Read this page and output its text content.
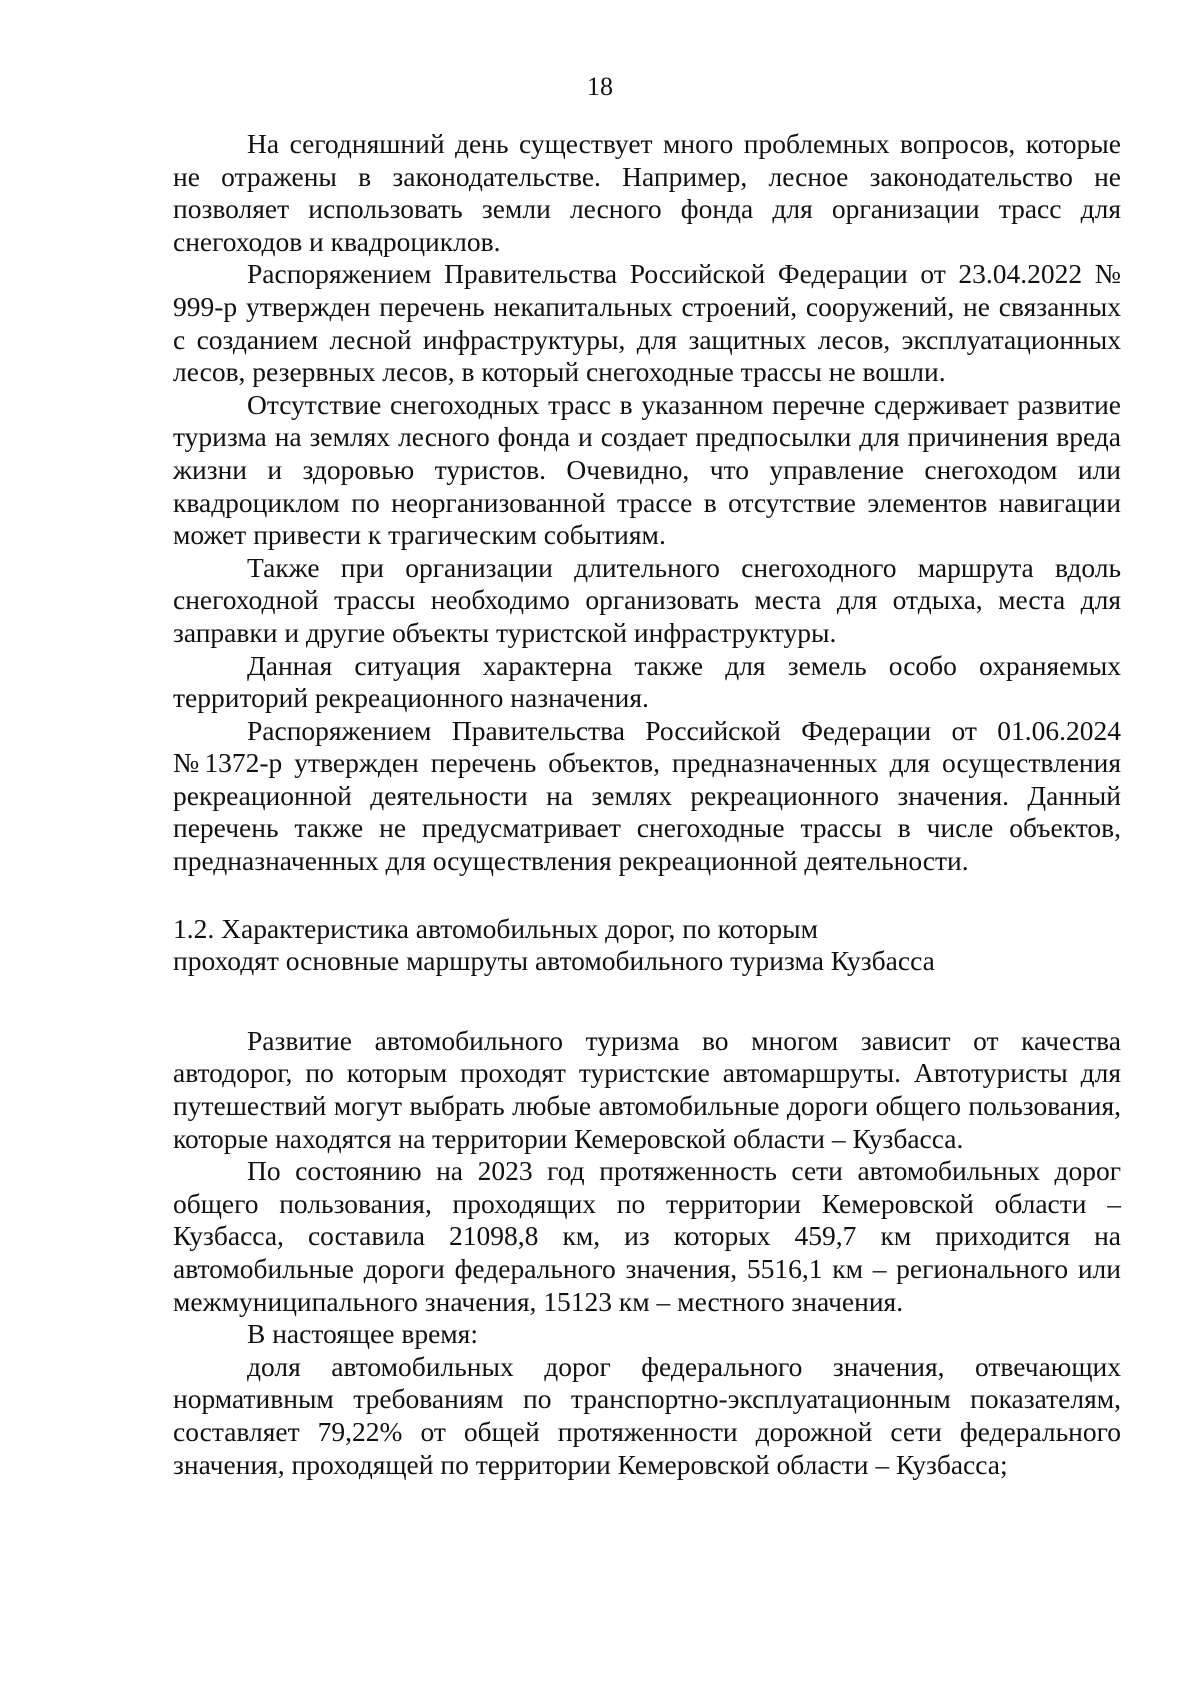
18

На сегодняшний день существует много проблемных вопросов, которые не отражены в законодательстве. Например, лесное законодательство не позволяет использовать земли лесного фонда для организации трасс для снегоходов и квадроциклов.

Распоряжением Правительства Российской Федерации от 23.04.2022 № 999-р утвержден перечень некапитальных строений, сооружений, не связанных с созданием лесной инфраструктуры, для защитных лесов, эксплуатационных лесов, резервных лесов, в который снегоходные трассы не вошли.

Отсутствие снегоходных трасс в указанном перечне сдерживает развитие туризма на землях лесного фонда и создает предпосылки для причинения вреда жизни и здоровью туристов. Очевидно, что управление снегоходом или квадроциклом по неорганизованной трассе в отсутствие элементов навигации может привести к трагическим событиям.

Также при организации длительного снегоходного маршрута вдоль снегоходной трассы необходимо организовать места для отдыха, места для заправки и другие объекты туристской инфраструктуры.

Данная ситуация характерна также для земель особо охраняемых территорий рекреационного назначения.

Распоряжением Правительства Российской Федерации от 01.06.2024 №1372-р утвержден перечень объектов, предназначенных для осуществления рекреационной деятельности на землях рекреационного значения. Данный перечень также не предусматривает снегоходные трассы в числе объектов, предназначенных для осуществления рекреационной деятельности.

1.2. Характеристика автомобильных дорог, по которым
проходят основные маршруты автомобильного туризма Кузбасса

Развитие автомобильного туризма во многом зависит от качества автодорог, по которым проходят туристские автомаршруты. Автотуристы для путешествий могут выбрать любые автомобильные дороги общего пользования, которые находятся на территории Кемеровской области – Кузбасса.

По состоянию на 2023 год протяженность сети автомобильных дорог общего пользования, проходящих по территории Кемеровской области – Кузбасса, составила 21098,8 км, из которых 459,7 км приходится на автомобильные дороги федерального значения, 5516,1 км – регионального или межмуниципального значения, 15123 км – местного значения.

В настоящее время:

доля автомобильных дорог федерального значения, отвечающих нормативным требованиям по транспортно-эксплуатационным показателям, составляет 79,22% от общей протяженности дорожной сети федерального значения, проходящей по территории Кемеровской области – Кузбасса;
